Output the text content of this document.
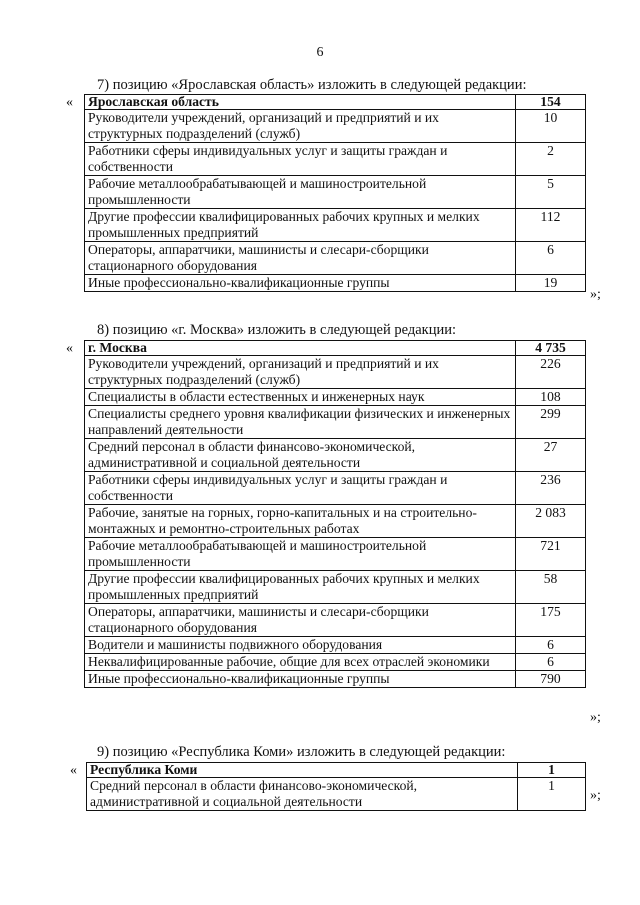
6
7) позицию «Ярославская область» изложить в следующей редакции:
« Ярославская область	154
Руководители учреждений, организаций и предприятий и их структурных подразделений (служб)	10
Работники сферы индивидуальных услуг и защиты граждан и собственности	2
Рабочие металлообрабатывающей и машиностроительной промышленности	5
Другие профессии квалифицированных рабочих крупных и мелких промышленных предприятий	112
Операторы, аппаратчики, машинисты и слесари-сборщики стационарного оборудования	6
Иные профессионально-квалификационные группы	19
»;
8) позицию «г. Москва» изложить в следующей редакции:
« г. Москва	4 735
Руководители учреждений, организаций и предприятий и их структурных подразделений (служб)	226
Специалисты в области естественных и инженерных наук	108
Специалисты среднего уровня квалификации физических и инженерных направлений деятельности	299
Средний персонал в области финансово-экономической, административной и социальной деятельности	27
Работники сферы индивидуальных услуг и защиты граждан и собственности	236
Рабочие, занятые на горных, горно-капитальных и на строительно-монтажных и ремонтно-строительных работах	2 083
Рабочие металлообрабатывающей и машиностроительной промышленности	721
Другие профессии квалифицированных рабочих крупных и мелких промышленных предприятий	58
Операторы, аппаратчики, машинисты и слесари-сборщики стационарного оборудования	175
Водители и машинисты подвижного оборудования	6
Неквалифицированные рабочие, общие для всех отраслей экономики	6
Иные профессионально-квалификационные группы	790
»;
9) позицию «Республика Коми» изложить в следующей редакции:
« Республика Коми	1
Средний персонал в области финансово-экономической, административной и социальной деятельности	1
»;
